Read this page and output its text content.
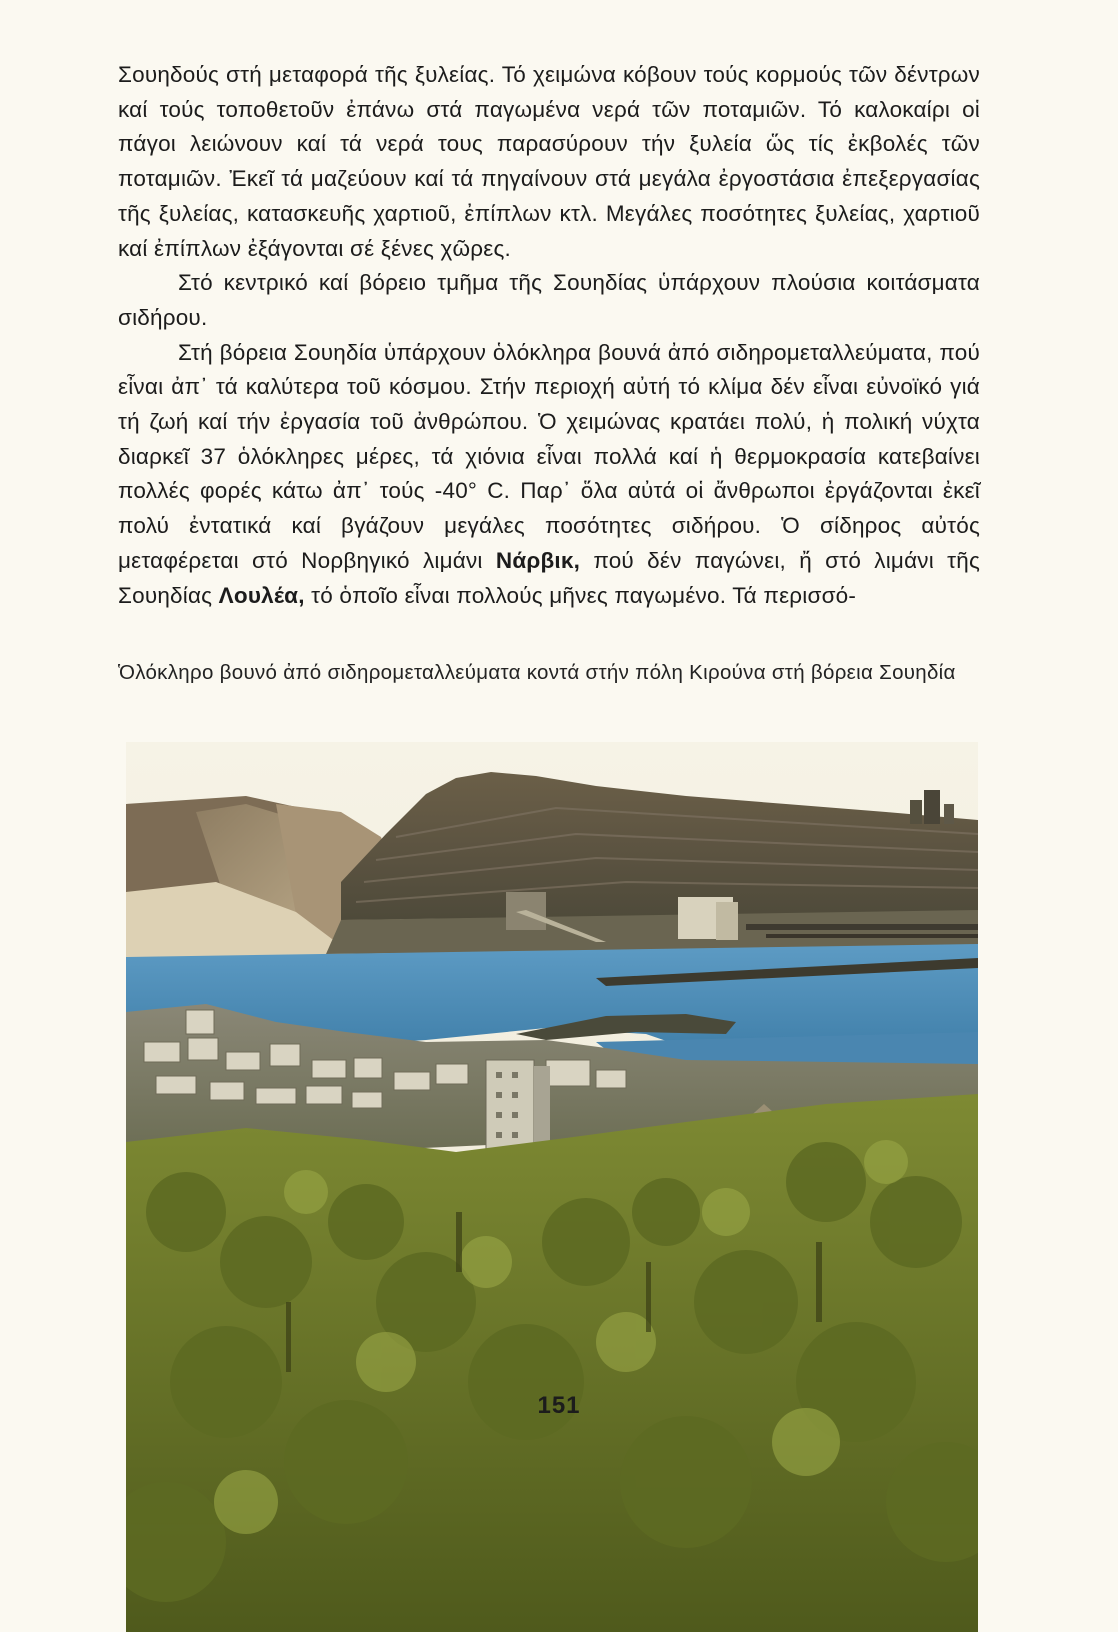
Σουηδούς στή μεταφορά τῆς ξυλείας. Τό χειμώνα κόβουν τούς κορμούς τῶν δέντρων καί τούς τοποθετοῦν ἐπάνω στά παγωμένα νερά τῶν ποταμιῶν. Τό καλοκαίρι οἱ πάγοι λειώνουν καί τά νερά τους παρασύρουν τήν ξυλεία ὥς τίς ἐκβολές τῶν ποταμιῶν. Ἐκεῖ τά μαζεύουν καί τά πηγαίνουν στά μεγάλα ἐργοστάσια ἐπεξεργασίας τῆς ξυλείας, κατασκευῆς χαρτιοῦ, ἐπίπλων κτλ. Μεγάλες ποσότητες ξυλείας, χαρτιοῦ καί ἐπίπλων ἐξάγονται σέ ξένες χῶρες.

Στό κεντρικό καί βόρειο τμῆμα τῆς Σουηδίας ὑπάρχουν πλούσια κοιτάσματα σιδήρου.

Στή βόρεια Σουηδία ὑπάρχουν ὁλόκληρα βουνά ἀπό σιδηρομεταλλεύματα, πού εἶναι ἀπ᾽ τά καλύτερα τοῦ κόσμου. Στήν περιοχή αὐτή τό κλίμα δέν εἶναι εὐνοϊκό γιά τή ζωή καί τήν ἐργασία τοῦ ἀνθρώπου. Ὁ χειμώνας κρατάει πολύ, ἡ πολική νύχτα διαρκεῖ 37 ὁλόκληρες μέρες, τά χιόνια εἶναι πολλά καί ἡ θερμοκρασία κατεβαίνει πολλές φορές κάτω ἀπ᾽ τούς -40° C. Παρ᾽ ὅλα αὐτά οἱ ἄνθρωποι ἐργάζονται ἐκεῖ πολύ ἐντατικά καί βγάζουν μεγάλες ποσότητες σιδήρου. Ὁ σίδηρος αὐτός μεταφέρεται στό Νορβηγικό λιμάνι Νάρβικ, πού δέν παγώνει, ἤ στό λιμάνι τῆς Σουηδίας Λουλέα, τό ὁποῖο εἶναι πολλούς μῆνες παγωμένο. Τά περισσό-

Ὁλόκληρο βουνό ἀπό σιδηρομεταλλεύματα κοντά στήν πόλη Κιρούνα στή βόρεια Σουηδία
151
